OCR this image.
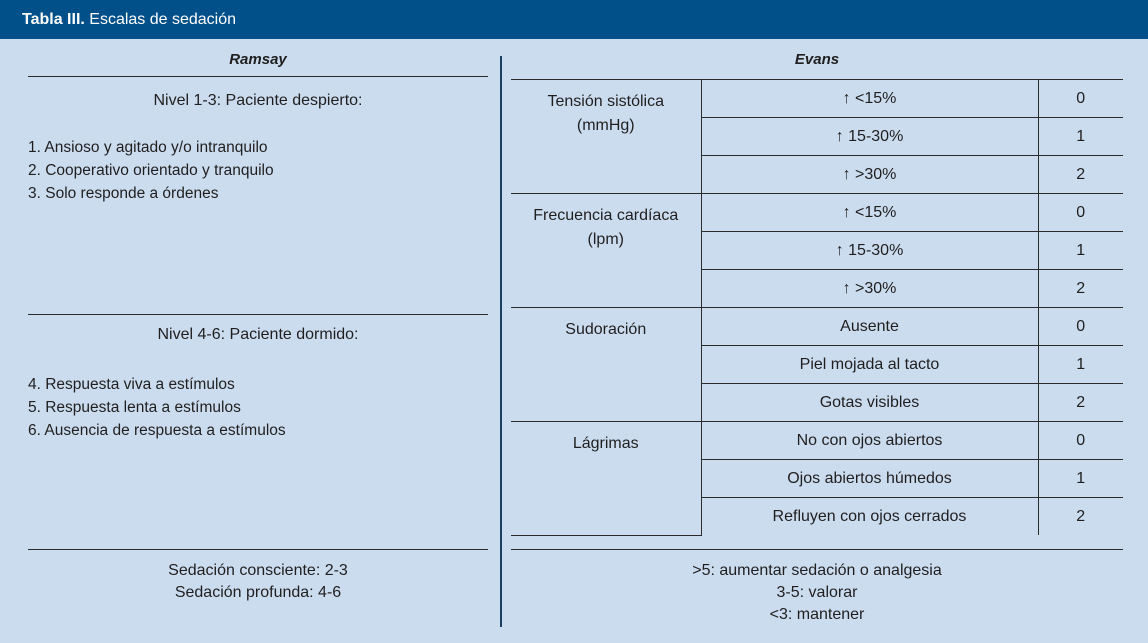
Tabla III. Escalas de sedación
Ramsay
Nivel 1-3: Paciente despierto:
1. Ansioso y agitado y/o intranquilo
2. Cooperativo orientado y tranquilo
3. Solo responde a órdenes
Nivel 4-6: Paciente dormido:
4. Respuesta viva a estímulos
5. Respuesta lenta a estímulos
6. Ausencia de respuesta a estímulos
Sedación consciente: 2-3
Sedación profunda: 4-6
Evans
Tensión sistólica
(mmHg)	↑ <15%	0
	↑ 15-30%	1
	↑ >30%	2
Frecuencia cardíaca
(lpm)	↑ <15%	0
	↑ 15-30%	1
	↑ >30%	2
Sudoración	Ausente	0
	Piel mojada al tacto	1
	Gotas visibles	2
Lágrimas	No con ojos abiertos	0
	Ojos abiertos húmedos	1
	Refluyen con ojos cerrados	2
>5: aumentar sedación o analgesia
3-5: valorar
<3: mantener
